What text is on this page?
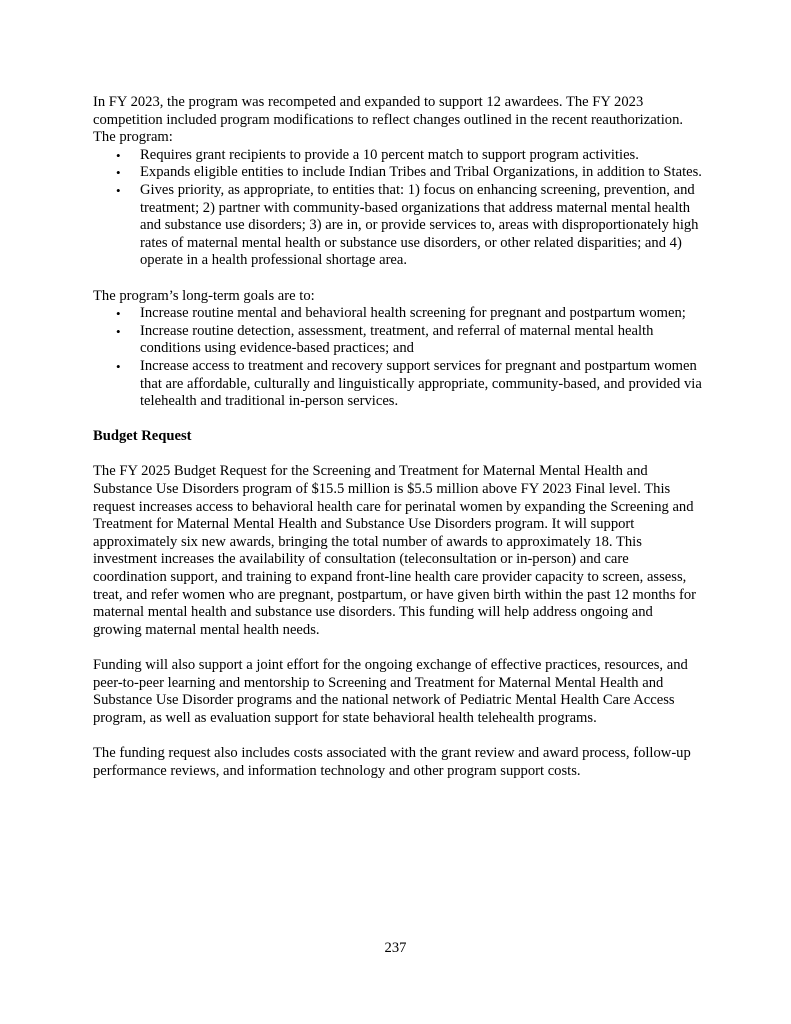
In FY 2023, the program was recompeted and expanded to support 12 awardees. The FY 2023 competition included program modifications to reflect changes outlined in the recent reauthorization. The program:

• Requires grant recipients to provide a 10 percent match to support program activities.
• Expands eligible entities to include Indian Tribes and Tribal Organizations, in addition to States.
• Gives priority, as appropriate, to entities that: 1) focus on enhancing screening, prevention, and treatment; 2) partner with community-based organizations that address maternal mental health and substance use disorders; 3) are in, or provide services to, areas with disproportionately high rates of maternal mental health or substance use disorders, or other related disparities; and 4) operate in a health professional shortage area.

The program’s long-term goals are to:

• Increase routine mental and behavioral health screening for pregnant and postpartum women;
• Increase routine detection, assessment, treatment, and referral of maternal mental health conditions using evidence-based practices; and
• Increase access to treatment and recovery support services for pregnant and postpartum women that are affordable, culturally and linguistically appropriate, community-based, and provided via telehealth and traditional in-person services.

Budget Request

The FY 2025 Budget Request for the Screening and Treatment for Maternal Mental Health and Substance Use Disorders program of $15.5 million is $5.5 million above FY 2023 Final level. This request increases access to behavioral health care for perinatal women by expanding the Screening and Treatment for Maternal Mental Health and Substance Use Disorders program. It will support approximately six new awards, bringing the total number of awards to approximately 18. This investment increases the availability of consultation (teleconsultation or in-person) and care coordination support, and training to expand front-line health care provider capacity to screen, assess, treat, and refer women who are pregnant, postpartum, or have given birth within the past 12 months for maternal mental health and substance use disorders. This funding will help address ongoing and growing maternal mental health needs.

Funding will also support a joint effort for the ongoing exchange of effective practices, resources, and peer-to-peer learning and mentorship to Screening and Treatment for Maternal Mental Health and Substance Use Disorder programs and the national network of Pediatric Mental Health Care Access program, as well as evaluation support for state behavioral health telehealth programs.

The funding request also includes costs associated with the grant review and award process, follow-up performance reviews, and information technology and other program support costs.

237
